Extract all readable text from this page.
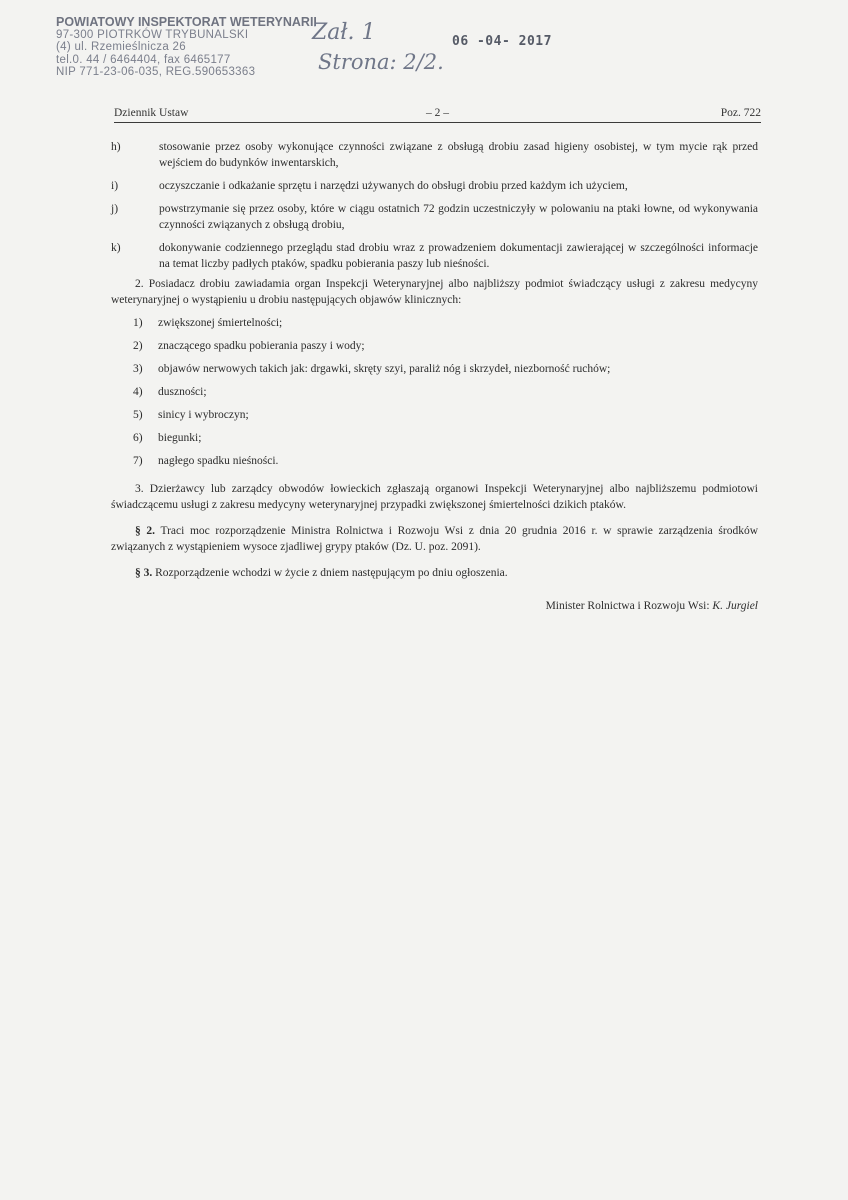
POWIATOWY INSPEKTORAT WETERYNARII
97-300 PIOTRKÓW TRYBUNALSKI
(4) ul. Rzemieślnicza 26
tel.0. 44 / 6464404, fax 6465177
NIP 771-23-06-035, REG.590653363
Zał. 1
Strona: 2/2.
06 -04- 2017
Dziennik Ustaw	– 2 –	Poz. 722
h)	stosowanie przez osoby wykonujące czynności związane z obsługą drobiu zasad higieny osobistej, w tym mycie rąk przed wejściem do budynków inwentarskich,
i)	oczyszczanie i odkażanie sprzętu i narzędzi używanych do obsługi drobiu przed każdym ich użyciem,
j)	powstrzymanie się przez osoby, które w ciągu ostatnich 72 godzin uczestniczyły w polowaniu na ptaki łowne, od wykonywania czynności związanych z obsługą drobiu,
k)	dokonywanie codziennego przeglądu stad drobiu wraz z prowadzeniem dokumentacji zawierającej w szczególności informacje na temat liczby padłych ptaków, spadku pobierania paszy lub nieśności.
2. Posiadacz drobiu zawiadamia organ Inspekcji Weterynaryjnej albo najbliższy podmiot świadczący usługi z zakresu medycyny weterynaryjnej o wystąpieniu u drobiu następujących objawów klinicznych:
1) zwiększonej śmiertelności;
2) znaczącego spadku pobierania paszy i wody;
3) objawów nerwowych takich jak: drgawki, skręty szyi, paraliż nóg i skrzydeł, niezborność ruchów;
4) duszności;
5) sinicy i wybroczyn;
6) biegunki;
7) nagłego spadku nieśności.
3. Dzierżawcy lub zarządcy obwodów łowieckich zgłaszają organowi Inspekcji Weterynaryjnej albo najbliższemu podmiotowi świadczącemu usługi z zakresu medycyny weterynaryjnej przypadki zwiększonej śmiertelności dzikich ptaków.
§ 2. Traci moc rozporządzenie Ministra Rolnictwa i Rozwoju Wsi z dnia 20 grudnia 2016 r. w sprawie zarządzenia środków związanych z wystąpieniem wysoce zjadliwej grypy ptaków (Dz. U. poz. 2091).
§ 3. Rozporządzenie wchodzi w życie z dniem następującym po dniu ogłoszenia.
Minister Rolnictwa i Rozwoju Wsi: K. Jurgiel
